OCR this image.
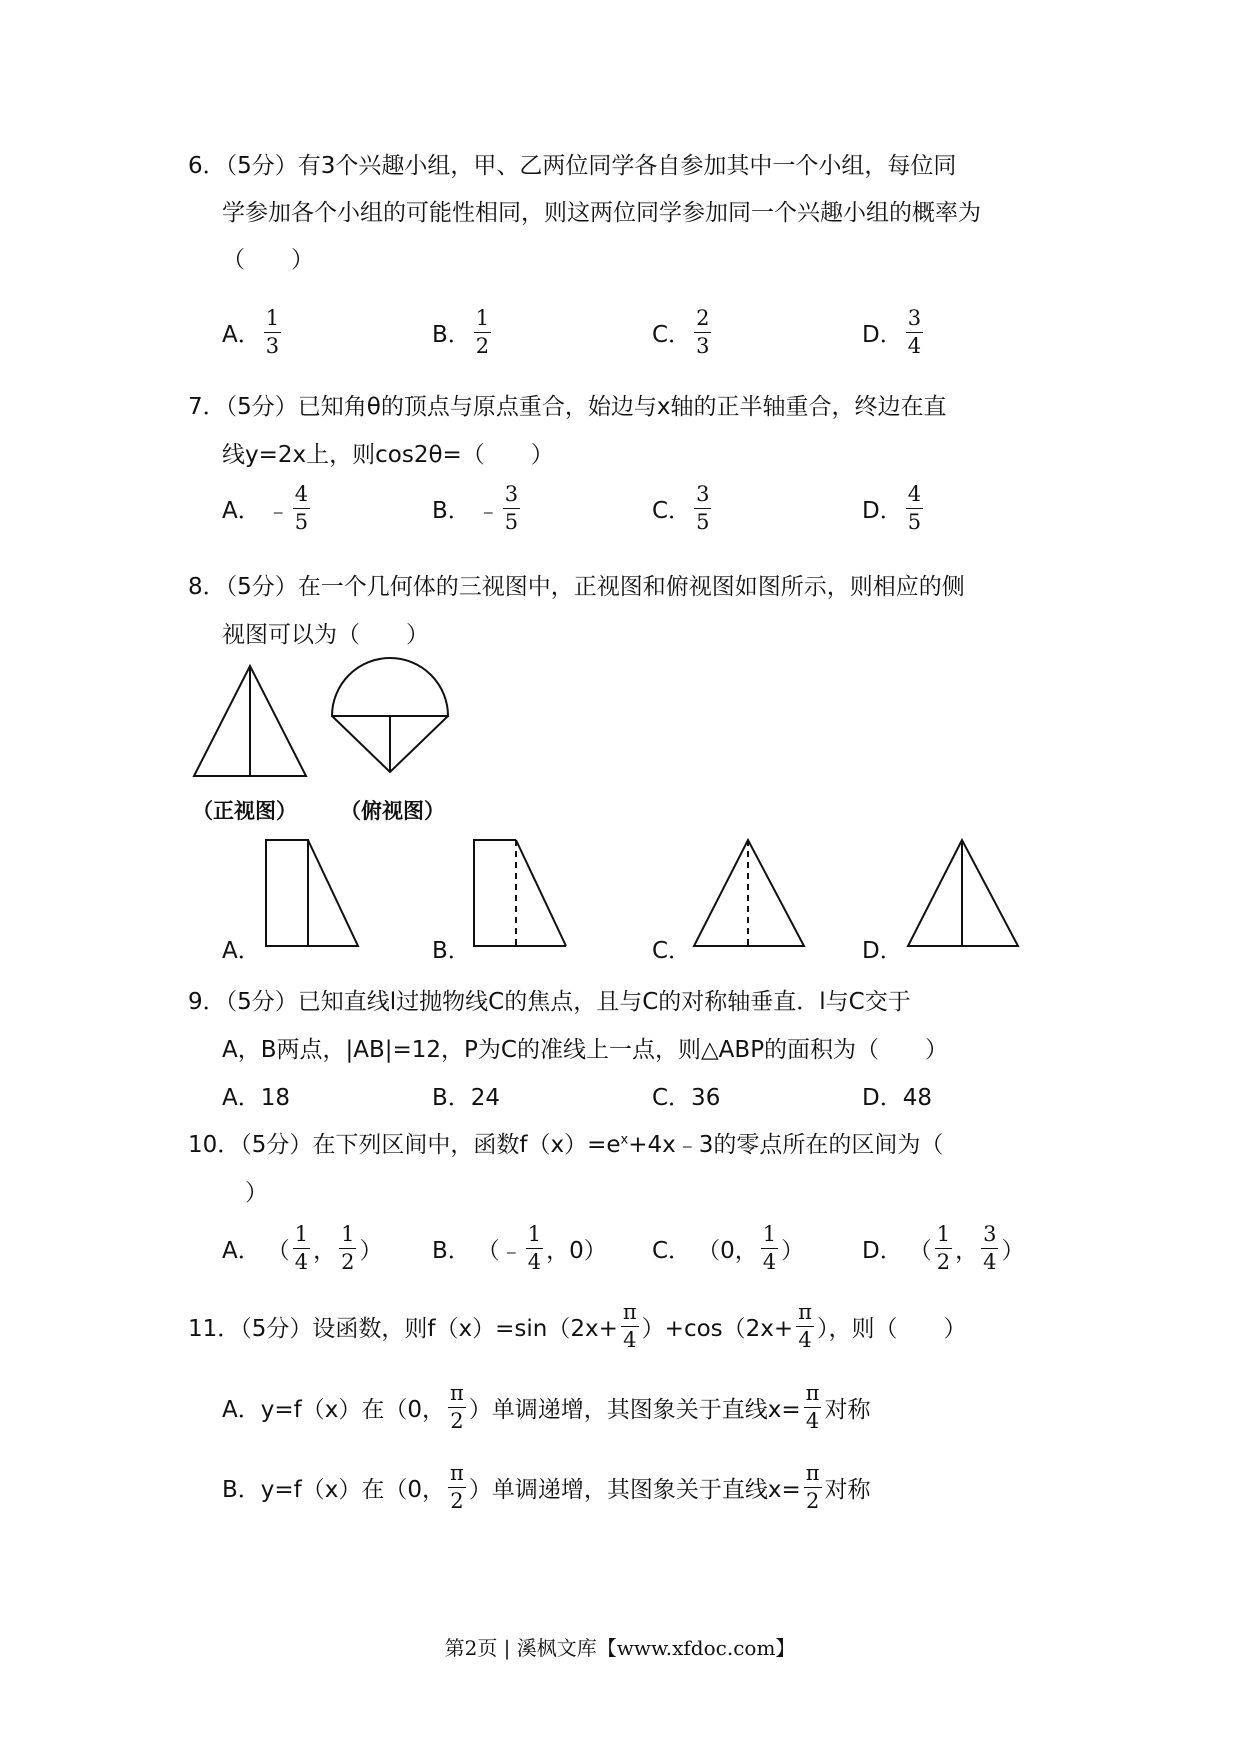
6．（5分）有3个兴趣小组，甲、乙两位同学各自参加其中一个小组，每位同
学参加各个小组的可能性相同，则这两位同学参加同一个兴趣小组的概率为
（　　）
A． $\frac{1}{3}$	B． $\frac{1}{2}$	C． $\frac{2}{3}$	D． $\frac{3}{4}$
7．（5分）已知角θ的顶点与原点重合，始边与x轴的正半轴重合，终边在直
线y=2x上，则cos2θ=（　　）
A． ﹣ $\frac{4}{5}$	B． ﹣ $\frac{3}{5}$	C． $\frac{3}{5}$	D． $\frac{4}{5}$
8．（5分）在一个几何体的三视图中，正视图和俯视图如图所示，则相应的侧
视图可以为（　　）
（正视图） （俯视图）
A．	B．	C．	D．
9．（5分）已知直线l过抛物线C的焦点，且与C的对称轴垂直．l与C交于
A，B两点，|AB|=12，P为C的准线上一点，则△ABP的面积为（　　）
A．18	B．24	C．36	D．48
10．（5分）在下列区间中，函数$f(x)=e^x+4x﹣3$的零点所在的区间为（
）
A． （ $\frac{1}{4}$ ， $\frac{1}{2}$ ） B． （﹣ $\frac{1}{4}$ ，0） C． （0， $\frac{1}{4}$ ）	D． （ $\frac{1}{2}$ ， $\frac{3}{4}$ ）
11．（5分）设函数，则$f(x)=\sin(2x+ \frac{\pi}{4} )+\cos(2x+ \frac{\pi}{4}$ ），则（　　）
A．y=f（x）在（0， $\frac{\pi}{2}$ ）单调递增，其图象关于直线$x= \frac{\pi}{4}$ 对称
B．y=f（x）在（0， $\frac{\pi}{2}$ ）单调递增，其图象关于直线$x= \frac{\pi}{2}$ 对称
第2页 | 溪枫文库【www.xfdoc.com】
